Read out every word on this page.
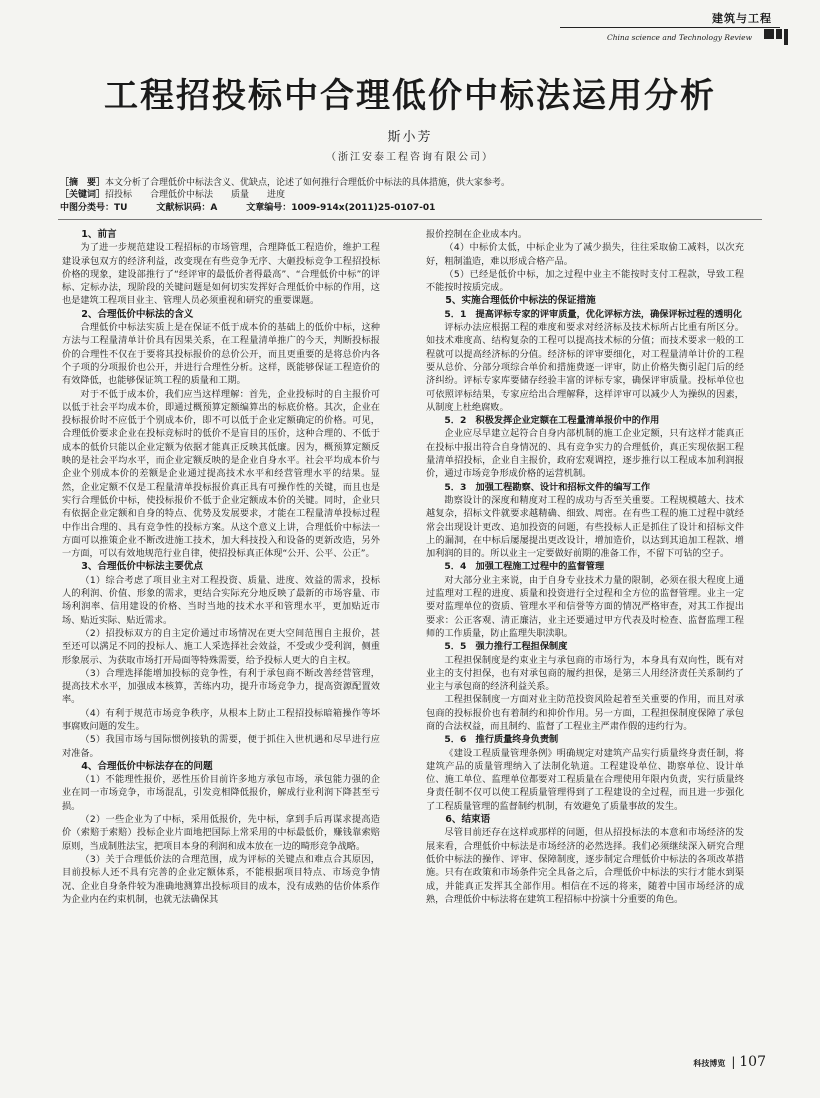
建筑与工程
China science and Technology Review
工程招投标中合理低价中标法运用分析
斯小芳
（浙江安泰工程咨询有限公司）
［摘　要］本文分析了合理低价中标法含义、优缺点，论述了如何推行合理低价中标法的具体措施，供大家参考。
［关键词］招投标　　合理低价中标法　　质量　　进度
中图分类号：TU	文献标识码：A	文章编号：1009-914x(2011)25-0107-01

1、前言

为了进一步规范建设工程招标的市场管理，合理降低工程造价，维护工程建设承包双方的经济利益，改变现在有些竞争无序、大砸投标竞争工程招投标价格的现象，建设部推行了“经评审的最低价者得最高”、“合理低价中标”的评标、定标办法，现阶段的关键问题是如何切实发挥好合理低价中标的作用，这也是建筑工程项目业主、管理人员必须重视和研究的重要课题。

2、合理低价中标法的含义

合理低价中标法实质上是在保证不低于成本价的基础上的低价中标，这种方法与工程量清单计价具有因果关系，在工程量清单推广的今天，判断投标报价的合理性不仅在于要将其投标报价的总价公开，而且更重要的是将总价内各个子项的分项报价也公开，并进行合理性分析。这样，既能够保证工程造价的有效降低，也能够保证筑工程的质量和工期。

对于不低于成本价，我们应当这样理解：首先，企业投标时的自主报价可以低于社会平均成本价，即通过概预算定额编算出的标底价格。其次，企业在投标报价时不应低于个别成本价，即不可以低于企业定额确定的价格。可见，合理低价要求企业在投标竞标时的低价不是盲目的压价，这种合理的、不低于成本的低价只能以企业定额为依据才能真正反映其低廉。因为，概预算定额反映的是社会平均水平，而企业定额反映的是企业自身水平。社会平均成本价与企业个别成本价的差额是企业通过提高技术水平和经营管理水平的结果。显然，企业定额不仅是工程量清单投标报价真正具有可操作性的关键，而且也是实行合理低价中标，使投标报价不低于企业定额成本价的关键。同时，企业只有依据企业定额和自身的特点、优势及发展要求，才能在工程量清单投标过程中作出合理的、具有竞争性的投标方案。从这个意义上讲，合理低价中标法一方面可以推策企业不断改进施工技术，加大科技投入和设备的更新改造，另外一方面，可以有效地规范行业自律，使招投标真正体现“公开、公平、公正”。

3、合理低价中标法主要优点

（1）综合考虑了项目业主对工程投资、质量、进度、效益的需求，投标人的利润、价值、形象的需求，更结合实际充分地反映了最新的市场容量、市场利润率、信用建设的价格、当时当地的技术水平和管理水平，更加贴近市场、贴近实际、贴近需求。

（2）招投标双方的自主定价通过市场情况在更大空间范围自主报价，甚至还可以满足不同的投标人、施工人采选择社会效益，不受或少受利润，侧重形象展示、为获取市场打开局面等特殊需要，给予投标人更大的自主权。

（3）合理选择能增加投标的竞争性，有利于承包商不断改善经营管理，提高技术水平，加强成本核算，苦练内功，提升市场竞争力，提高资源配置效率。

（4）有利于规范市场竞争秩序，从根本上防止工程招投标暗箱操作等坏事腐败问题的发生。

（5）我国市场与国际惯例接轨的需要，便于抓住入世机遇和尽早进行应对准备。

4、合理低价中标法存在的问题

（1）不能理性报价，恶性压价目前许多地方承包市场，承包能力强的企业在同一市场竞争，市场混乱，引发竞相降低报价，解成行业利润下降甚至亏损。

（2）一些企业为了中标，采用低报价，先中标，拿到手后再谋求提高造价（索赔于索赔）投标企业片面地把国际上常采用的中标最低价，赚钱靠索赔原则，当成制胜法宝，把项目本身的利润和成本放在一边的畸形竞争战略。

（3）关于合理低价法的合理范围，成为评标的关键点和难点合其原因，目前投标人还不具有完善的企业定额体系，不能根据项目特点、市场竞争情况、企业自身条件较为准确地测算出投标项目的成本，没有成熟的估价体系作为企业内在约束机制，也就无法确保其

报价控制在企业成本内。

（4）中标价太低，中标企业为了减少损失，往往采取偷工减料，以次充好，粗制滥造，难以形成合格产品。

（5）已经是低价中标，加之过程中业主不能按时支付工程款，导致工程不能按时按质完成。

5、实施合理低价中标法的保证措施

5．1　提高评标专家的评审质量，优化评标方法，确保评标过程的透明化

评标办法应根据工程的难度和要求对经济标及技术标所占比重有所区分。如技术难度高、结构复杂的工程可以提高技术标的分值；而技术要求一般的工程就可以提高经济标的分值。经济标的评审要细化，对工程量清单计价的工程要从总价、分部分项综合单价和措施费逐一评审，防止价格失衡引起门后的经济纠纷。评标专家库要储存经验丰富的评标专家，确保评审质量。投标单位也可依照评标结果，专家应给出合理解释，这样评审可以减少人为操纵的因素，从制度上杜绝腐败。

5．2　积极发挥企业定额在工程量清单报价中的作用

企业应尽早建立起符合自身内部机制的施工企业定额，只有这样才能真正在投标中报出符合自身情况的、具有竞争实力的合理低价，真正实现依据工程量清单招投标，企业自主报价，政府宏观调控，逐步推行以工程成本加利润报价，通过市场竞争形成价格的运营机制。

5．3　加强工程勘察、设计和招标文件的编写工作

勘察设计的深度和精度对工程的成功与否至关重要。工程规模越大、技术越复杂，招标文件就要求越精确、细致、周密。在有些工程的施工过程中就经常会出现设计更改、追加投资的问题，有些投标人正是抓住了设计和招标文件上的漏洞，在中标后屡屡提出更改设计，增加造价，以达到其追加工程款、增加利润的目的。所以业主一定要做好前期的准备工作，不留下可钻的空子。

5．4　加强工程施工过程中的监督管理

对大部分业主来说，由于自身专业技术力量的限制，必须在很大程度上通过监理对工程的进度、质量和投资进行全过程和全方位的监督管理。业主一定要对监理单位的资质、管理水平和信誉等方面的情况严格审查，对其工作提出要求：公正客观、清正廉洁，业主还要通过甲方代表及时检查、监督监理工程师的工作质量，防止监理失职渎职。

5．5　强力推行工程担保制度

工程担保制度是约束业主与承包商的市场行为，本身具有双向性，既有对业主的支付担保，也有对承包商的履约担保，是第三人用经济责任关系制约了业主与承包商的经济利益关系。

工程担保制度一方面对业主防范投资风险起着至关重要的作用，而且对承包商的投标报价也有着制约和抑价作用。另一方面，工程担保制度保障了承包商的合法权益，而且制约、监督了工程业主严肃作假的违约行为。

5．6　推行质量终身负责制

《建设工程质量管理条例》明确规定对建筑产品实行质量终身责任制，将建筑产品的质量管理纳入了法制化轨道。工程建设单位、勘察单位、设计单位、施工单位、监理单位都要对工程质量在合理使用年限内负责，实行质量终身责任制不仅可以使工程质量管理得到了工程建设的全过程，而且进一步强化了工程质量管理的监督制约机制，有效避免了质量事故的发生。

6、结束语

尽管目前还存在这样或那样的问题，但从招投标法的本意和市场经济的发展来看，合理低价中标法是市场经济的必然选择。我们必须继续深入研究合理低价中标法的操作、评审、保障制度，逐步制定合理低价中标法的各项改革措施。只有在政策和市场条件完全具备之后，合理低价中标法的实行才能水到渠成，并能真正发挥其全部作用。相信在不远的将来，随着中国市场经济的成熟，合理低价中标法将在建筑工程招标中扮演十分重要的角色。

科技博览 | 107
